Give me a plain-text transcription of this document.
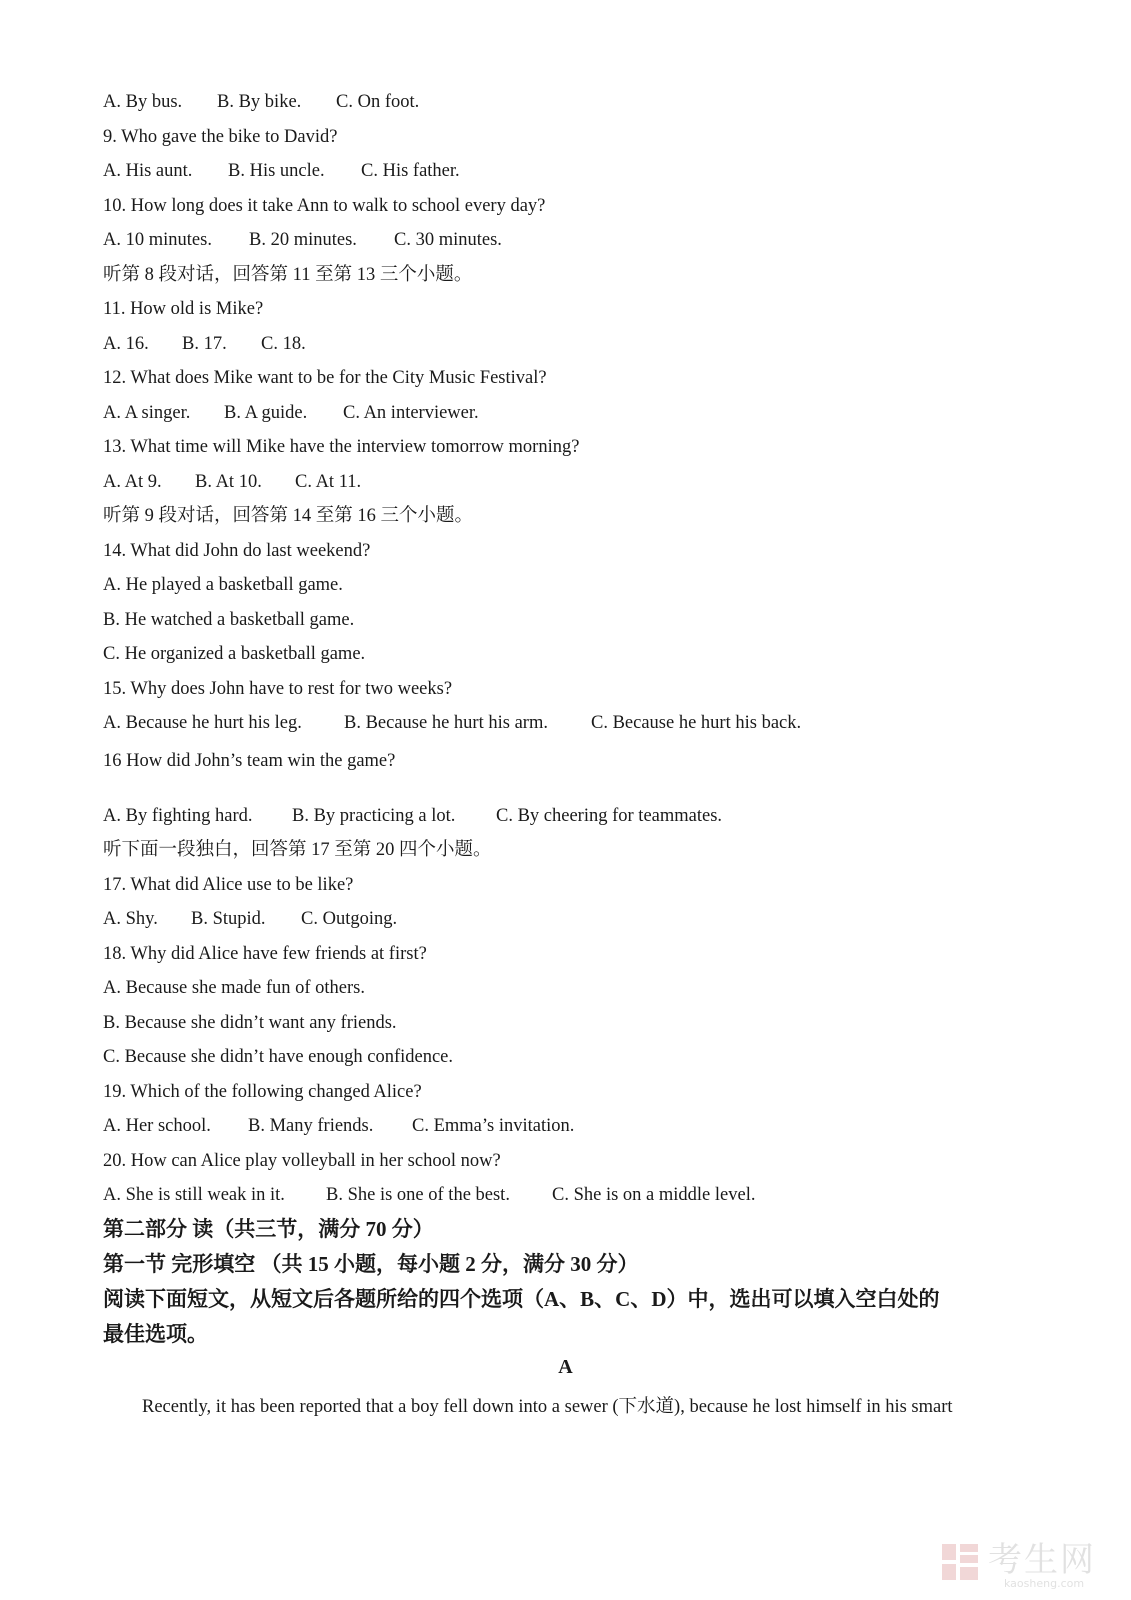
A. By bus. B. By bike. C. On foot.
9. Who gave the bike to David?
A. His aunt. B. His uncle. C. His father.
10. How long does it take Ann to walk to school every day?
A. 10 minutes. B. 20 minutes. C. 30 minutes.
听第 8 段对话，回答第 11 至第 13 三个小题。
11. How old is Mike?
A. 16. B. 17. C. 18.
12. What does Mike want to be for the City Music Festival?
A. A singer. B. A guide. C. An interviewer.
13. What time will Mike have the interview tomorrow morning?
A. At 9. B. At 10. C. At 11.
听第 9 段对话，回答第 14 至第 16 三个小题。
14. What did John do last weekend?
A. He played a basketball game.
B. He watched a basketball game.
C. He organized a basketball game.
15. Why does John have to rest for two weeks?
A. Because he hurt his leg. B. Because he hurt his arm. C. Because he hurt his back.
16 How did John’s team win the game?
A. By fighting hard. B. By practicing a lot. C. By cheering for teammates.
听下面一段独白，回答第 17 至第 20 四个小题。
17. What did Alice use to be like?
A. Shy. B. Stupid. C. Outgoing.
18. Why did Alice have few friends at first?
A. Because she made fun of others.
B. Because she didn’t want any friends.
C. Because she didn’t have enough confidence.
19. Which of the following changed Alice?
A. Her school. B. Many friends. C. Emma’s invitation.
20. How can Alice play volleyball in her school now?
A. She is still weak in it. B. She is one of the best. C. She is on a middle level.
第二部分 读（共三节，满分 70 分）
第一节 完形填空 （共 15 小题，每小题 2 分，满分 30 分）
阅读下面短文，从短文后各题所给的四个选项（A、B、C、D）中，选出可以填入空白处的
最佳选项。
A
Recently, it has been reported that a boy fell down into a sewer (下水道), because he lost himself in his smart
考生网
kaosheng.com
